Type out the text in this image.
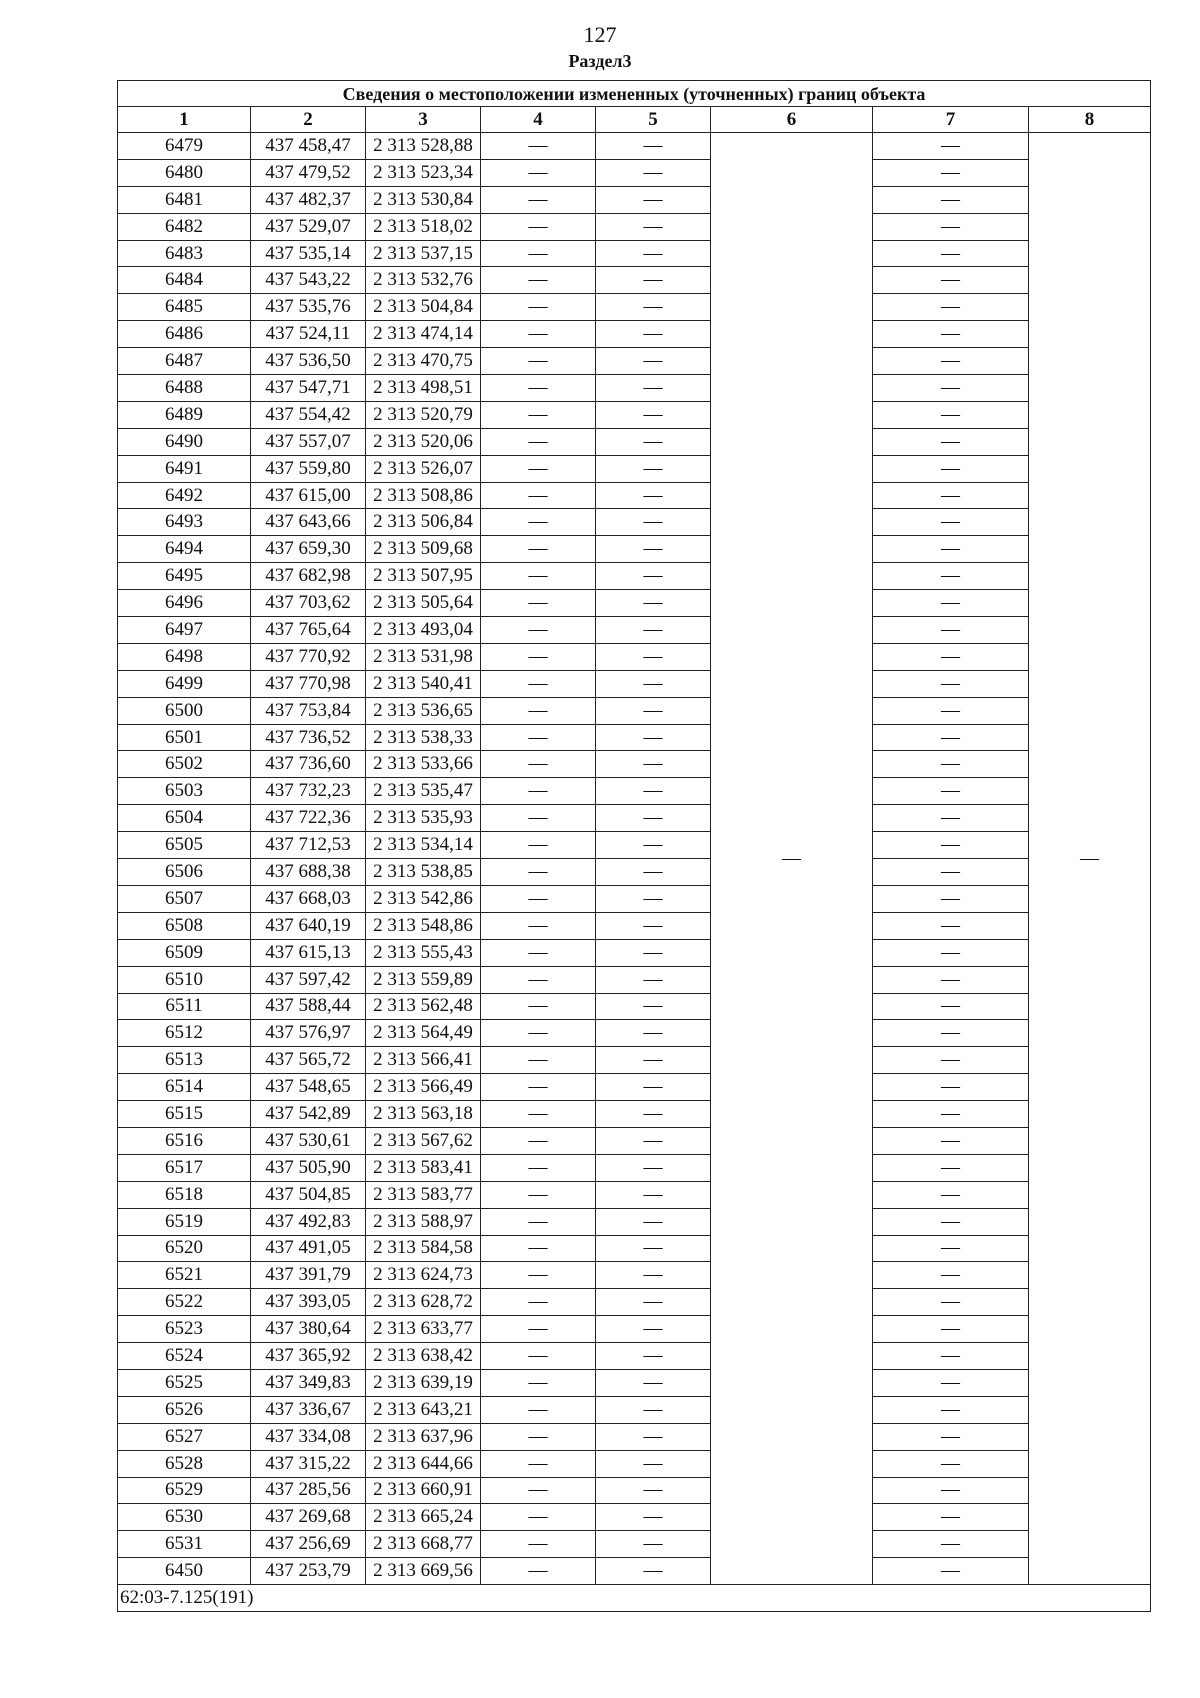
127
Раздел3
Сведения о местоположении измененных (уточненных) границ объекта							
1	2	3	4	5	6	7	8
6479	437 458,47	2 313 528,88	—	—	—	—	—
6480	437 479,52	2 313 523,34	—	—		—	
6481	437 482,37	2 313 530,84	—	—		—	
6482	437 529,07	2 313 518,02	—	—		—	
6483	437 535,14	2 313 537,15	—	—		—	
6484	437 543,22	2 313 532,76	—	—		—	
6485	437 535,76	2 313 504,84	—	—		—	
6486	437 524,11	2 313 474,14	—	—		—	
6487	437 536,50	2 313 470,75	—	—		—	
6488	437 547,71	2 313 498,51	—	—		—	
6489	437 554,42	2 313 520,79	—	—		—	
6490	437 557,07	2 313 520,06	—	—		—	
6491	437 559,80	2 313 526,07	—	—		—	
6492	437 615,00	2 313 508,86	—	—		—	
6493	437 643,66	2 313 506,84	—	—		—	
6494	437 659,30	2 313 509,68	—	—		—	
6495	437 682,98	2 313 507,95	—	—		—	
6496	437 703,62	2 313 505,64	—	—		—	
6497	437 765,64	2 313 493,04	—	—		—	
6498	437 770,92	2 313 531,98	—	—		—	
6499	437 770,98	2 313 540,41	—	—		—	
6500	437 753,84	2 313 536,65	—	—		—	
6501	437 736,52	2 313 538,33	—	—		—	
6502	437 736,60	2 313 533,66	—	—		—	
6503	437 732,23	2 313 535,47	—	—		—	
6504	437 722,36	2 313 535,93	—	—		—	
6505	437 712,53	2 313 534,14	—	—		—	
6506	437 688,38	2 313 538,85	—	—		—	
6507	437 668,03	2 313 542,86	—	—		—	
6508	437 640,19	2 313 548,86	—	—		—	
6509	437 615,13	2 313 555,43	—	—		—	
6510	437 597,42	2 313 559,89	—	—		—	
6511	437 588,44	2 313 562,48	—	—		—	
6512	437 576,97	2 313 564,49	—	—		—	
6513	437 565,72	2 313 566,41	—	—		—	
6514	437 548,65	2 313 566,49	—	—		—	
6515	437 542,89	2 313 563,18	—	—		—	
6516	437 530,61	2 313 567,62	—	—		—	
6517	437 505,90	2 313 583,41	—	—		—	
6518	437 504,85	2 313 583,77	—	—		—	
6519	437 492,83	2 313 588,97	—	—		—	
6520	437 491,05	2 313 584,58	—	—		—	
6521	437 391,79	2 313 624,73	—	—		—	
6522	437 393,05	2 313 628,72	—	—		—	
6523	437 380,64	2 313 633,77	—	—		—	
6524	437 365,92	2 313 638,42	—	—		—	
6525	437 349,83	2 313 639,19	—	—		—	
6526	437 336,67	2 313 643,21	—	—		—	
6527	437 334,08	2 313 637,96	—	—		—	
6528	437 315,22	2 313 644,66	—	—		—	
6529	437 285,56	2 313 660,91	—	—		—	
6530	437 269,68	2 313 665,24	—	—		—	
6531	437 256,69	2 313 668,77	—	—		—	
6450	437 253,79	2 313 669,56	—	—		—	
62:03-7.125(191)							
